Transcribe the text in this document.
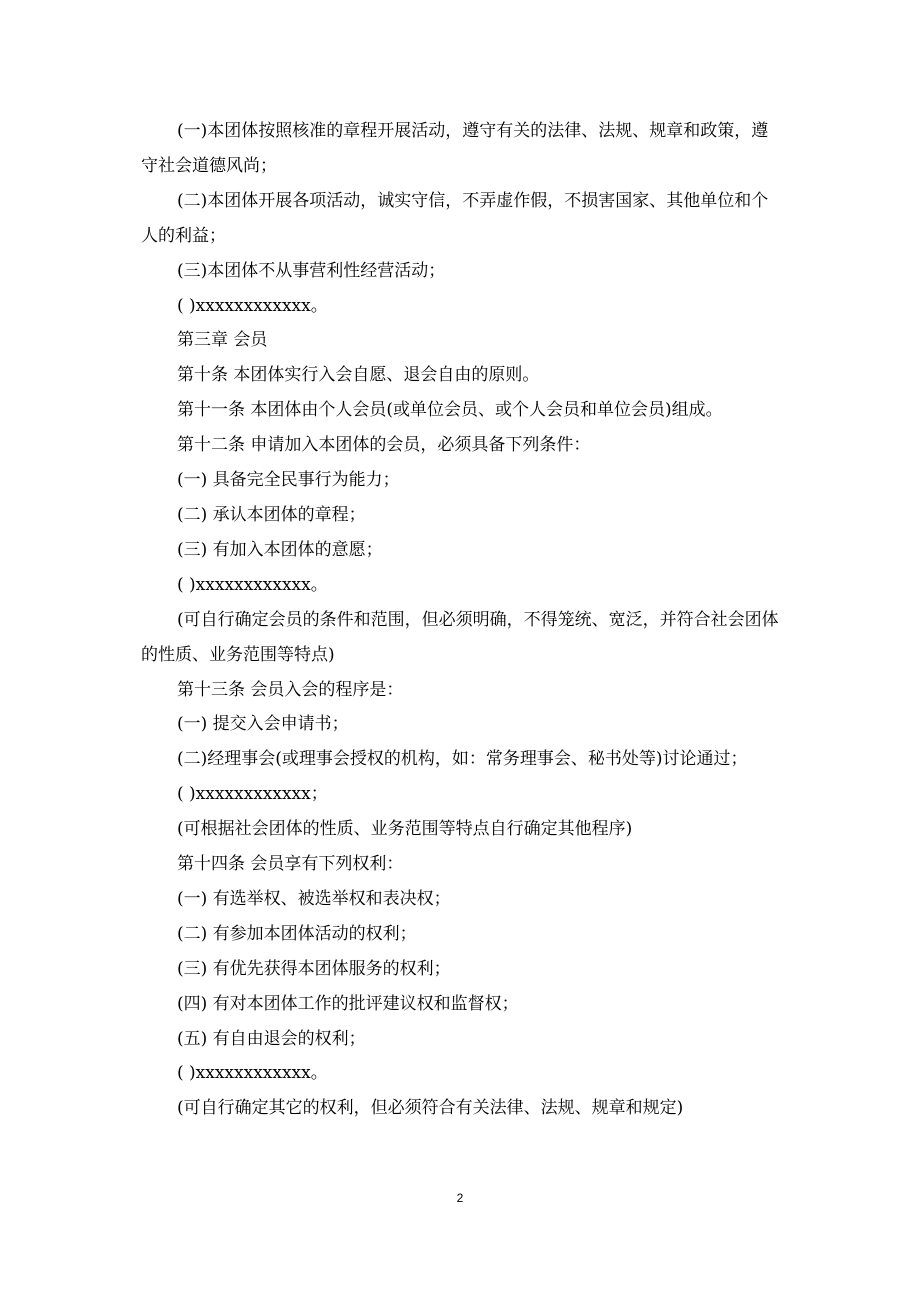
(一)本团体按照核准的章程开展活动，遵守有关的法律、法规、规章和政策，遵守社会道德风尚；

(二)本团体开展各项活动，诚实守信，不弄虚作假，不损害国家、其他单位和个人的利益；

(三)本团体不从事营利性经营活动；

( )xxxxxxxxxxxx。

第三章 会员

第十条 本团体实行入会自愿、退会自由的原则。

第十一条 本团体由个人会员(或单位会员、或个人会员和单位会员)组成。

第十二条 申请加入本团体的会员，必须具备下列条件：

(一) 具备完全民事行为能力；

(二) 承认本团体的章程；

(三) 有加入本团体的意愿；

( )xxxxxxxxxxxx。

(可自行确定会员的条件和范围，但必须明确，不得笼统、宽泛，并符合社会团体的性质、业务范围等特点)

第十三条 会员入会的程序是：

(一) 提交入会申请书；

(二)经理事会(或理事会授权的机构，如：常务理事会、秘书处等)讨论通过；

( )xxxxxxxxxxxx；

(可根据社会团体的性质、业务范围等特点自行确定其他程序)

第十四条 会员享有下列权利：

(一) 有选举权、被选举权和表决权；

(二) 有参加本团体活动的权利；

(三) 有优先获得本团体服务的权利；

(四) 有对本团体工作的批评建议权和监督权；

(五) 有自由退会的权利；

( )xxxxxxxxxxxx。

(可自行确定其它的权利，但必须符合有关法律、法规、规章和规定)

2
